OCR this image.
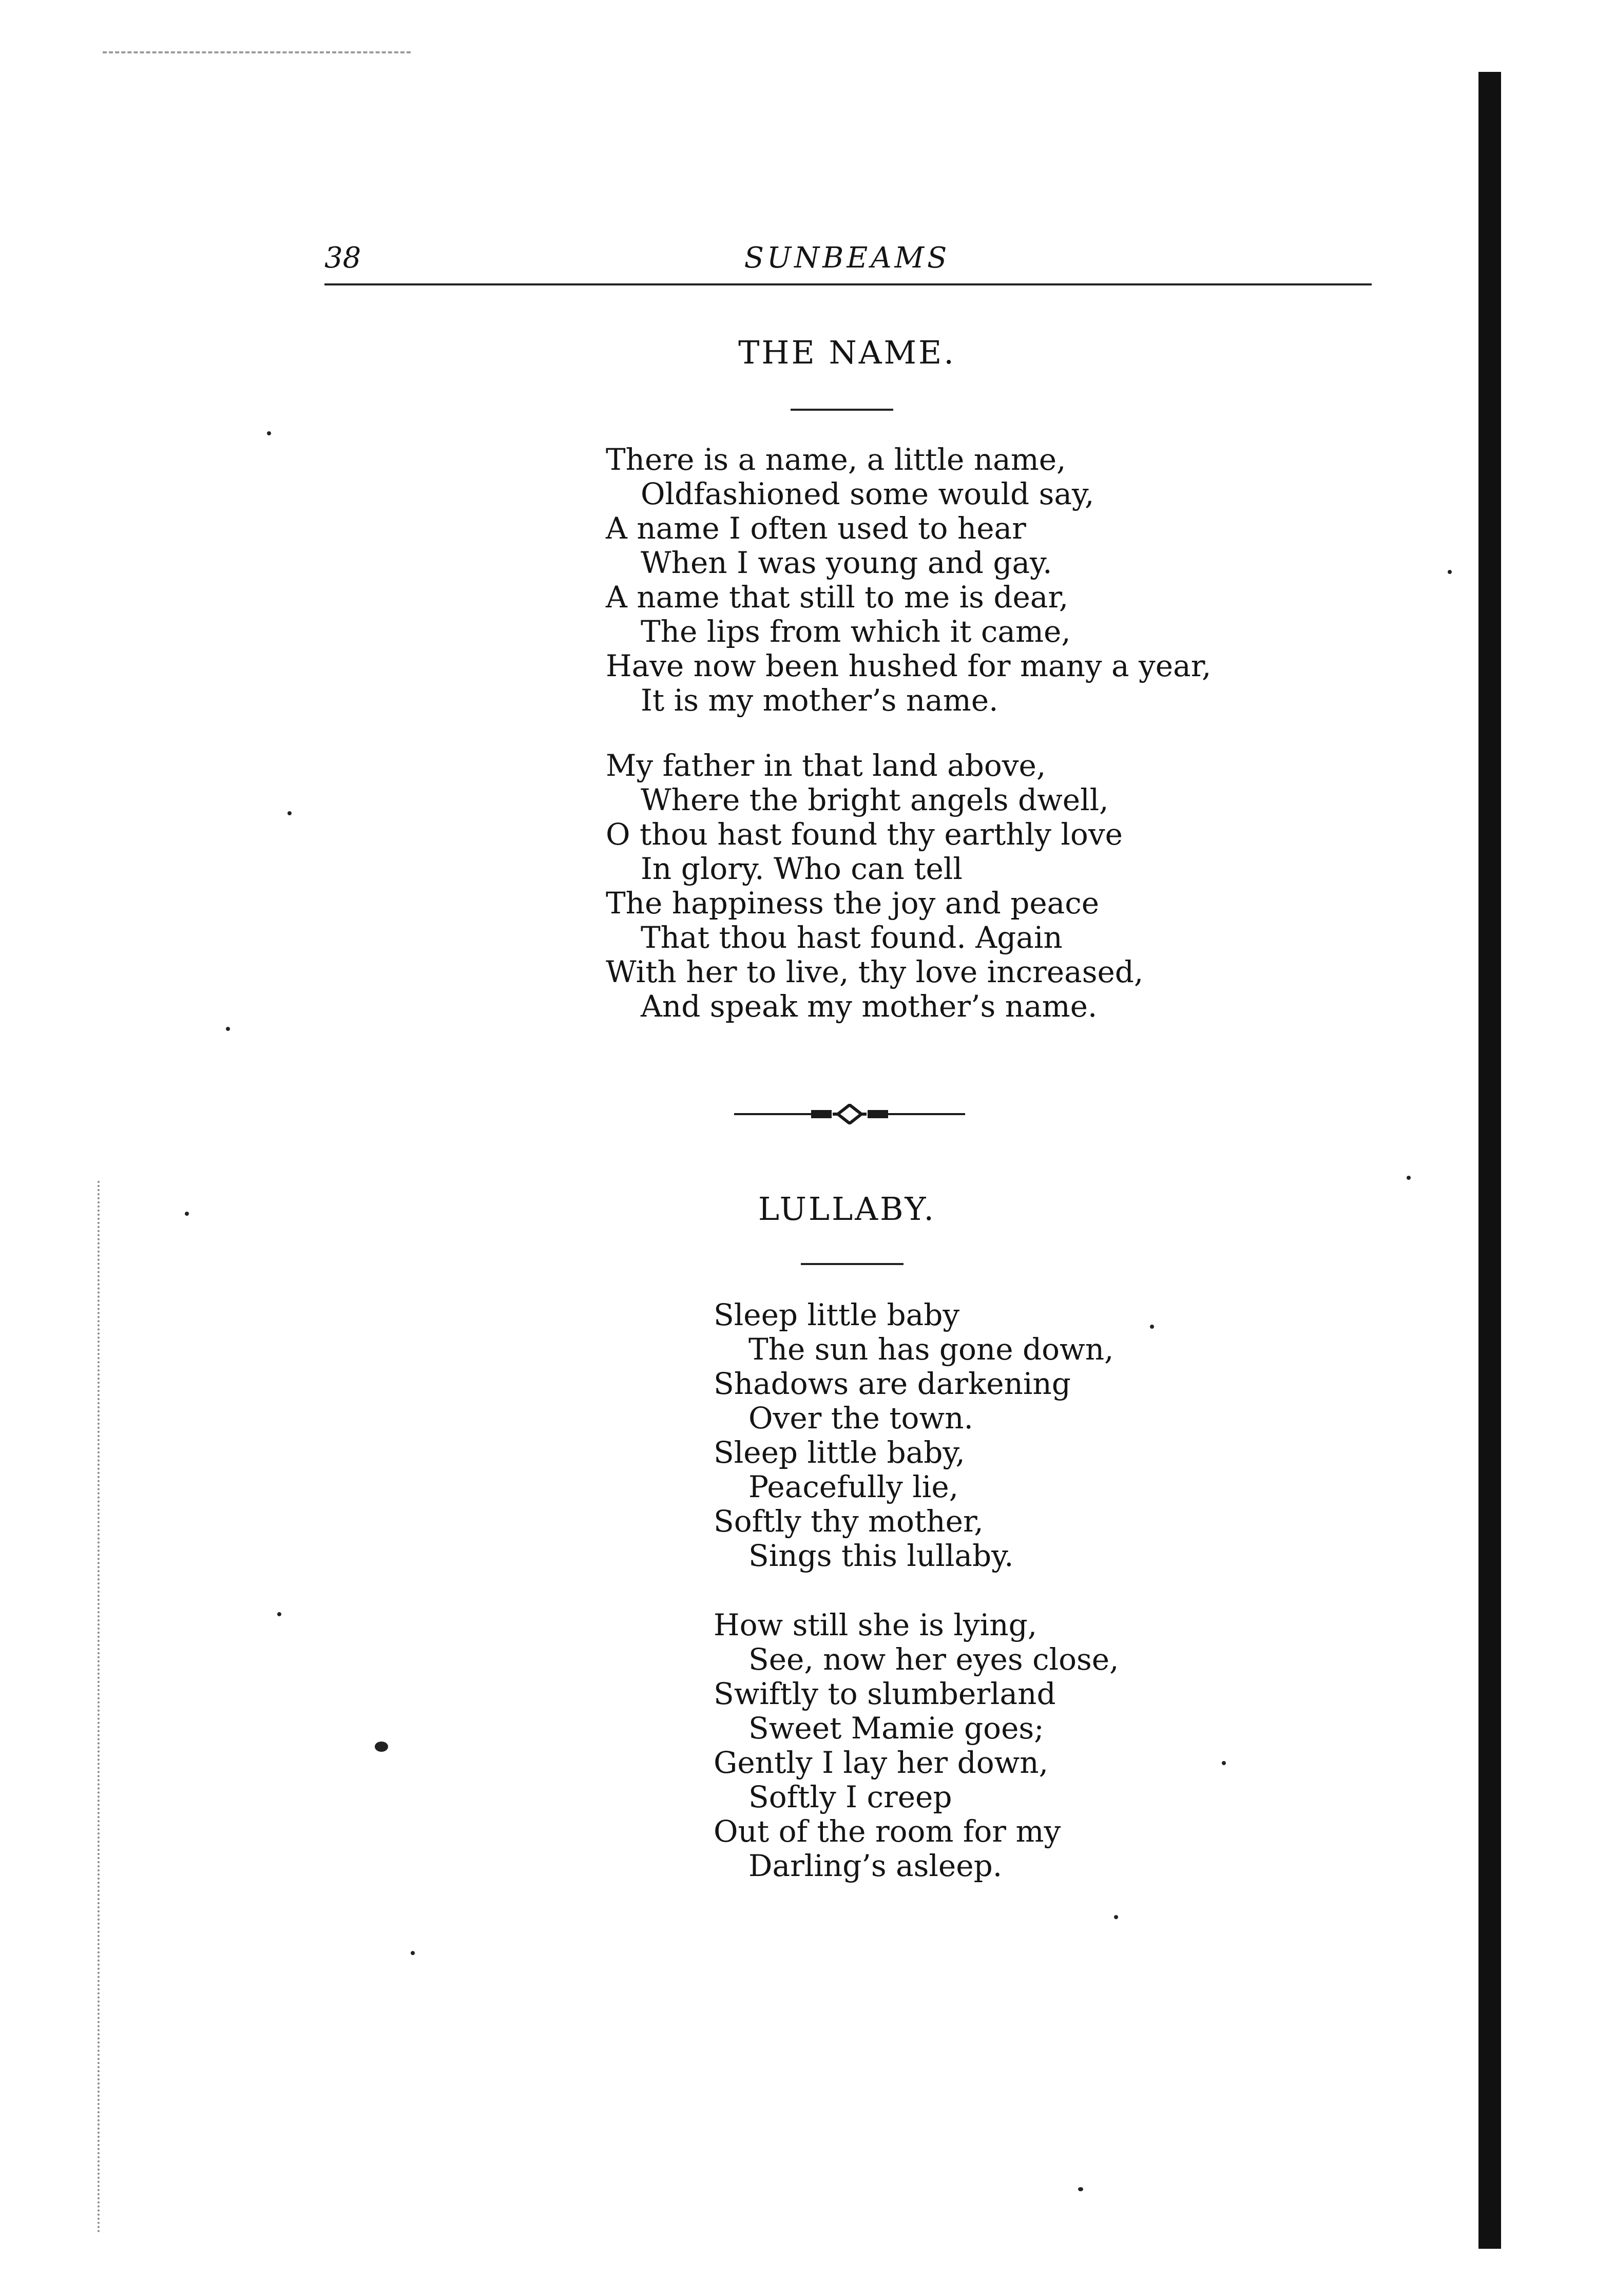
38	SUNBEAMS
THE NAME.
There is a name, a little name,
Oldfashioned some would say,
A name I often used to hear
When I was young and gay.
A name that still to me is dear,
The lips from which it came,
Have now been hushed for many a year,
It is my mother’s name.
My father in that land above,
Where the bright angels dwell,
O thou hast found thy earthly love
In glory. Who can tell
The happiness the joy and peace
That thou hast found. Again
With her to live, thy love increased,
And speak my mother’s name.
LULLABY.
Sleep little baby
The sun has gone down,
Shadows are darkening
Over the town.
Sleep little baby,
Peacefully lie,
Softly thy mother,
Sings this lullaby.
How still she is lying,
See, now her eyes close,
Swiftly to slumberland
Sweet Mamie goes;
Gently I lay her down,
Softly I creep
Out of the room for my
Darling’s asleep.
